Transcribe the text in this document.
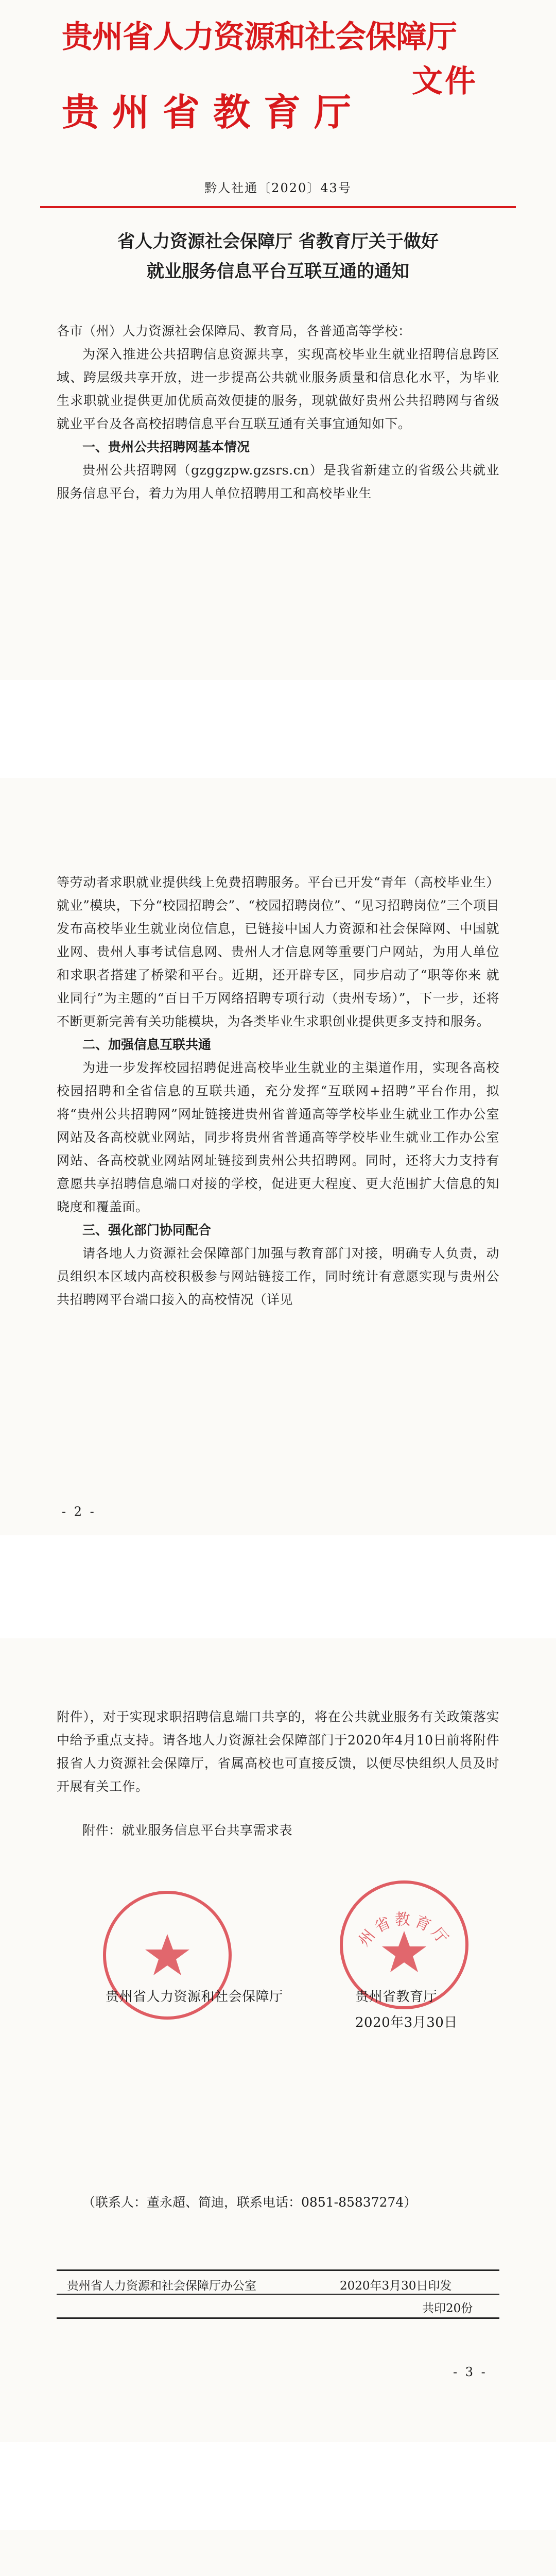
贵州省人力资源和社会保障厅
文件
贵州省教育厅
黔人社通〔2020〕43号
省人力资源社会保障厅 省教育厅关于做好
就业服务信息平台互联互通的通知

各市（州）人力资源社会保障局、教育局，各普通高等学校：

为深入推进公共招聘信息资源共享，实现高校毕业生就业招聘信息跨区域、跨层级共享开放，进一步提高公共就业服务质量和信息化水平，为毕业生求职就业提供更加优质高效便捷的服务，现就做好贵州公共招聘网与省级就业平台及各高校招聘信息平台互联互通有关事宜通知如下。

一、贵州公共招聘网基本情况

贵州公共招聘网（gzggzpw.gzsrs.cn）是我省新建立的省级公共就业服务信息平台，着力为用人单位招聘用工和高校毕业生

等劳动者求职就业提供线上免费招聘服务。平台已开发“青年（高校毕业生）就业”模块，下分“校园招聘会”、“校园招聘岗位”、“见习招聘岗位”三个项目发布高校毕业生就业岗位信息，已链接中国人力资源和社会保障网、中国就业网、贵州人事考试信息网、贵州人才信息网等重要门户网站，为用人单位和求职者搭建了桥梁和平台。近期，还开辟专区，同步启动了“职等你来 就业同行”为主题的“百日千万网络招聘专项行动（贵州专场）”，下一步，还将不断更新完善有关功能模块，为各类毕业生求职创业提供更多支持和服务。

二、加强信息互联共通

为进一步发挥校园招聘促进高校毕业生就业的主渠道作用，实现各高校校园招聘和全省信息的互联共通，充分发挥“互联网+招聘”平台作用，拟将“贵州公共招聘网”网址链接进贵州省普通高等学校毕业生就业工作办公室网站及各高校就业网站，同步将贵州省普通高等学校毕业生就业工作办公室网站、各高校就业网站网址链接到贵州公共招聘网。同时，还将大力支持有意愿共享招聘信息端口对接的学校，促进更大程度、更大范围扩大信息的知晓度和覆盖面。

三、强化部门协同配合

请各地人力资源社会保障部门加强与教育部门对接，明确专人负责，动员组织本区域内高校积极参与网站链接工作，同时统计有意愿实现与贵州公共招聘网平台端口接入的高校情况（详见

- 2 -

附件），对于实现求职招聘信息端口共享的，将在公共就业服务有关政策落实中给予重点支持。请各地人力资源社会保障部门于2020年4月10日前将附件报省人力资源社会保障厅，省属高校也可直接反馈，以便尽快组织人员及时开展有关工作。

附件：就业服务信息平台共享需求表

州省教育厅
贵州省人力资源和社会保障厅	贵州省教育厅
2020年3月30日
（联系人：董永超、简迪，联系电话：0851-85837274）
贵州省人力资源和社会保障厅办公室	2020年3月30日印发
共印20份
- 3 -
